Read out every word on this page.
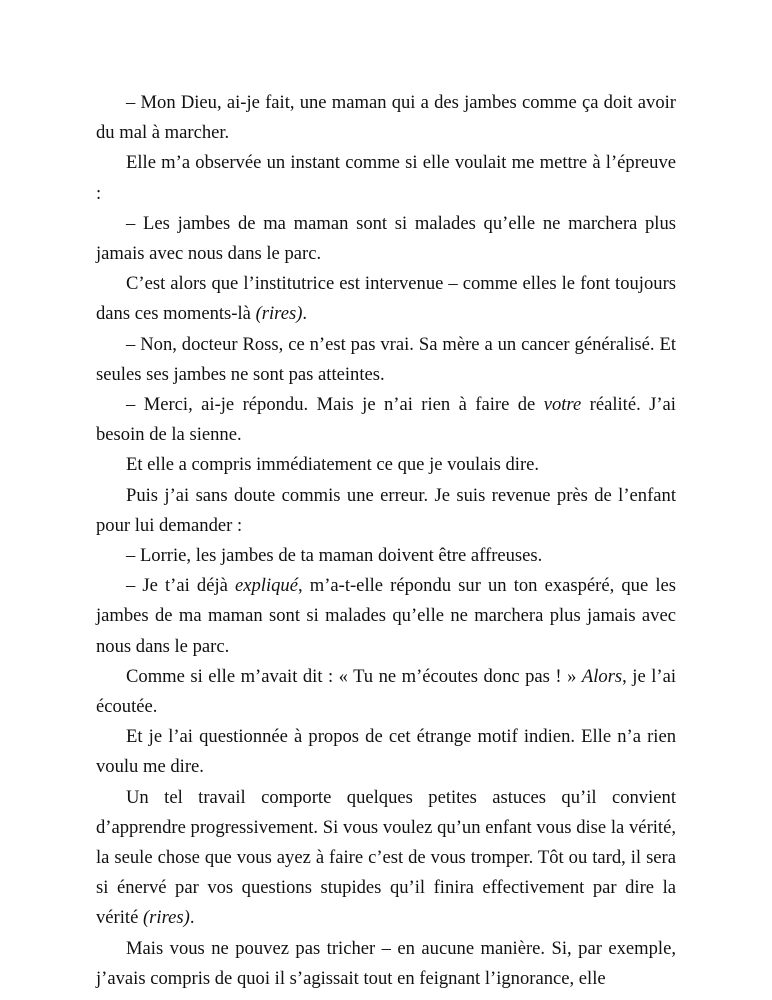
– Mon Dieu, ai-je fait, une maman qui a des jambes comme ça doit avoir du mal à marcher.

Elle m’a observée un instant comme si elle voulait me mettre à l’épreuve :

– Les jambes de ma maman sont si malades qu’elle ne marchera plus jamais avec nous dans le parc.

C’est alors que l’institutrice est intervenue – comme elles le font toujours dans ces moments-là (rires).

– Non, docteur Ross, ce n’est pas vrai. Sa mère a un cancer généralisé. Et seules ses jambes ne sont pas atteintes.

– Merci, ai-je répondu. Mais je n’ai rien à faire de votre réalité. J’ai besoin de la sienne.

Et elle a compris immédiatement ce que je voulais dire.

Puis j’ai sans doute commis une erreur. Je suis revenue près de l’enfant pour lui demander :

– Lorrie, les jambes de ta maman doivent être affreuses.

– Je t’ai déjà expliqué, m’a-t-elle répondu sur un ton exaspéré, que les jambes de ma maman sont si malades qu’elle ne marchera plus jamais avec nous dans le parc.

Comme si elle m’avait dit : « Tu ne m’écoutes donc pas ! » Alors, je l’ai écoutée.

Et je l’ai questionnée à propos de cet étrange motif indien. Elle n’a rien voulu me dire.

Un tel travail comporte quelques petites astuces qu’il convient d’apprendre progressivement. Si vous voulez qu’un enfant vous dise la vérité, la seule chose que vous ayez à faire c’est de vous tromper. Tôt ou tard, il sera si énervé par vos questions stupides qu’il finira effectivement par dire la vérité (rires).

Mais vous ne pouvez pas tricher – en aucune manière. Si, par exemple, j’avais compris de quoi il s’agissait tout en feignant l’ignorance, elle
